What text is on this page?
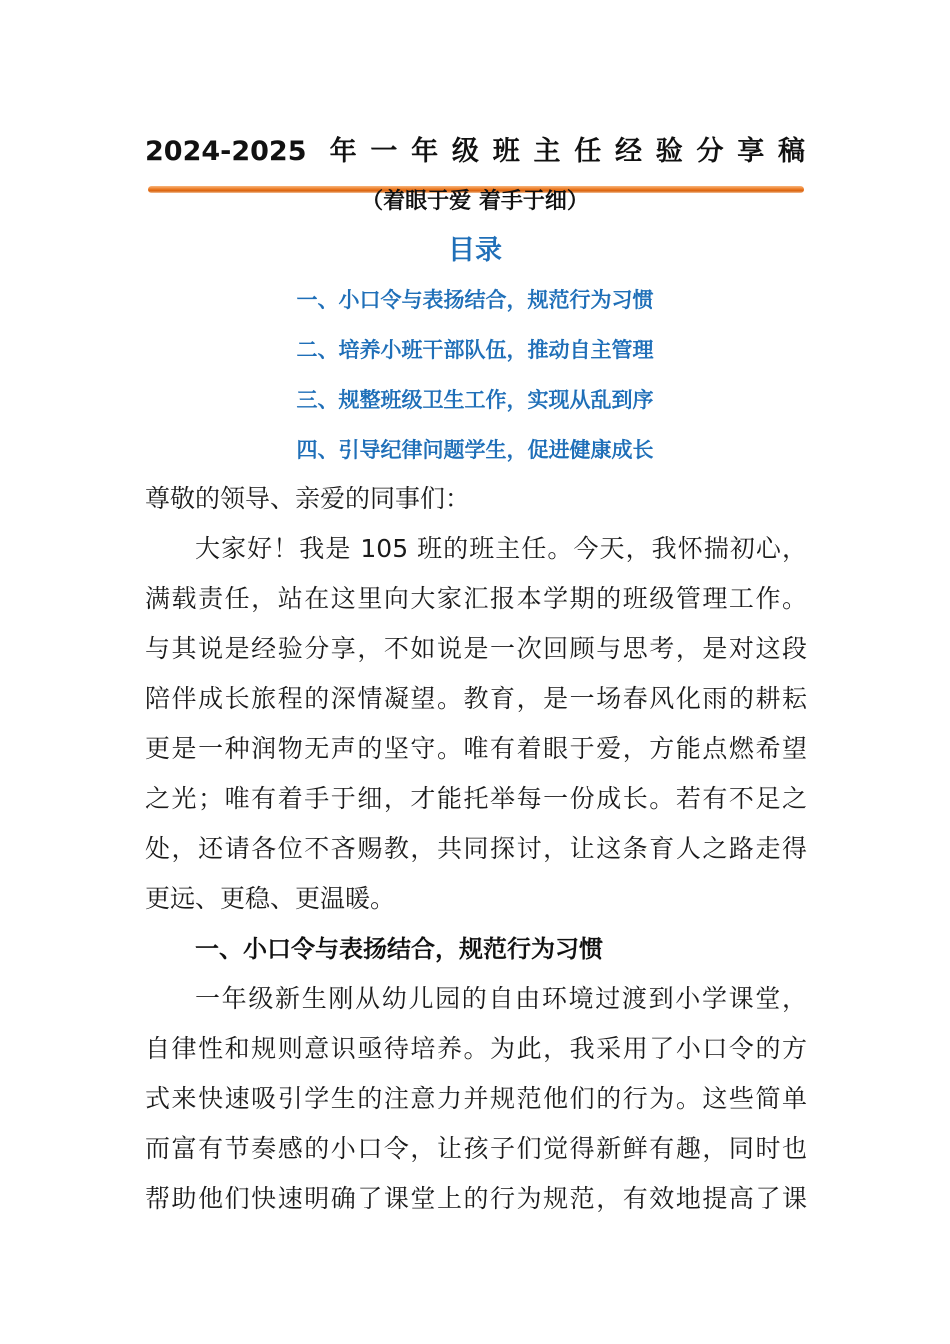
2024-2025 年一年级班主任经验分享稿
（着眼于爱 着手于细）
目录
一、小口令与表扬结合，规范行为习惯
二、培养小班干部队伍，推动自主管理
三、规整班级卫生工作，实现从乱到序
四、引导纪律问题学生，促进健康成长
尊敬的领导、亲爱的同事们：
大家好！我是 105 班的班主任。今天，我怀揣初心，
满载责任，站在这里向大家汇报本学期的班级管理工作。
与其说是经验分享，不如说是一次回顾与思考，是对这段
陪伴成长旅程的深情凝望。教育，是一场春风化雨的耕耘
更是一种润物无声的坚守。唯有着眼于爱，方能点燃希望
之光；唯有着手于细，才能托举每一份成长。若有不足之
处，还请各位不吝赐教，共同探讨，让这条育人之路走得
更远、更稳、更温暖。
一、小口令与表扬结合，规范行为习惯
一年级新生刚从幼儿园的自由环境过渡到小学课堂，
自律性和规则意识亟待培养。为此，我采用了小口令的方
式来快速吸引学生的注意力并规范他们的行为。这些简单
而富有节奏感的小口令，让孩子们觉得新鲜有趣，同时也
帮助他们快速明确了课堂上的行为规范，有效地提高了课
